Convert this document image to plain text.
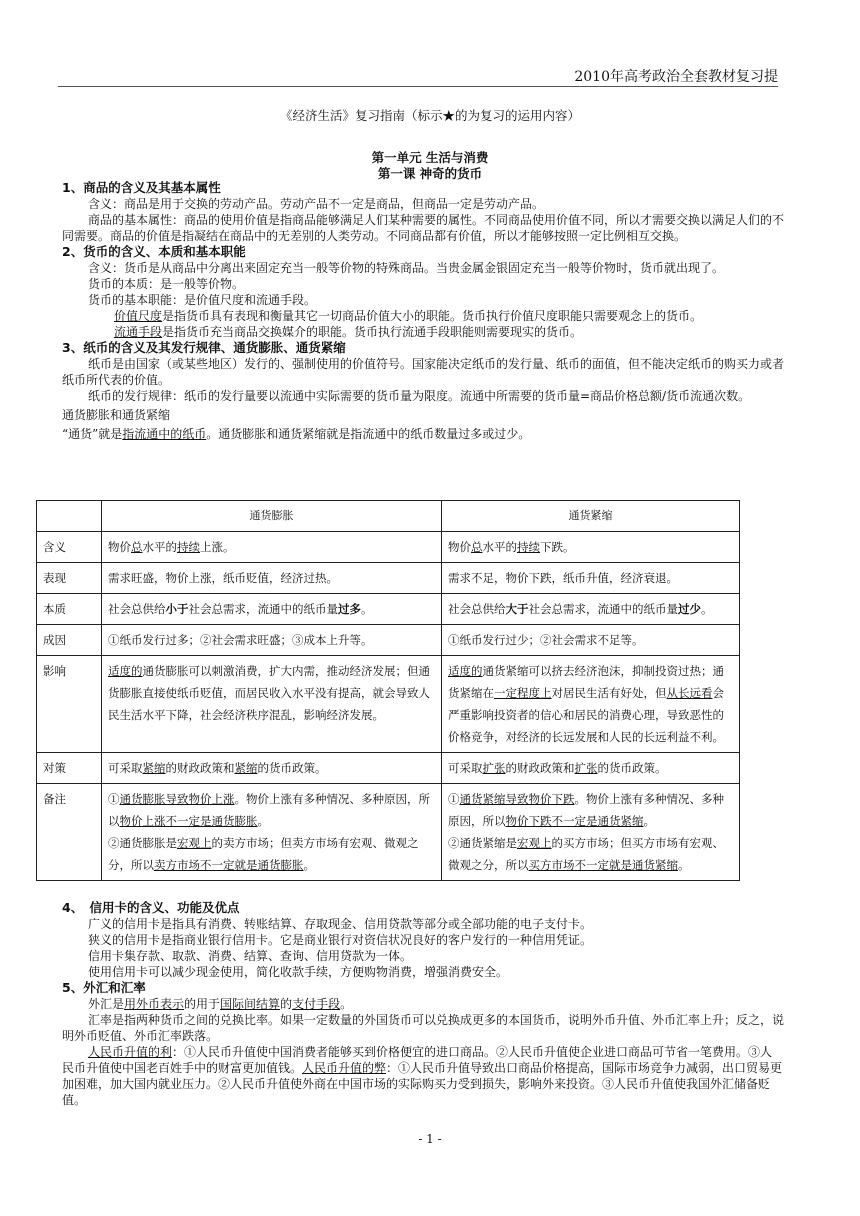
2010年高考政治全套教材复习提
《经济生活》复习指南（标示★的为复习的运用内容）
第一单元 生活与消费
第一课 神奇的货币
1、商品的含义及其基本属性

含义：商品是用于交换的劳动产品。劳动产品不一定是商品，但商品一定是劳动产品。

商品的基本属性：商品的使用价值是指商品能够满足人们某种需要的属性。不同商品使用价值不同，所以才需要交换以满足人们的不同需要。商品的价值是指凝结在商品中的无差别的人类劳动。不同商品都有价值，所以才能够按照一定比例相互交换。

2、货币的含义、本质和基本职能

含义：货币是从商品中分离出来固定充当一般等价物的特殊商品。当贵金属金银固定充当一般等价物时，货币就出现了。

货币的本质：是一般等价物。

货币的基本职能：是价值尺度和流通手段。

价值尺度是指货币具有表现和衡量其它一切商品价值大小的职能。货币执行价值尺度职能只需要观念上的货币。

流通手段是指货币充当商品交换媒介的职能。货币执行流通手段职能则需要现实的货币。

3、纸币的含义及其发行规律、通货膨胀、通货紧缩

纸币是由国家（或某些地区）发行的、强制使用的价值符号。国家能决定纸币的发行量、纸币的面值，但不能决定纸币的购买力或者纸币所代表的价值。

纸币的发行规律：纸币的发行量要以流通中实际需要的货币量为限度。流通中所需要的货币量=商品价格总额/货币流通次数。

通货膨胀和通货紧缩

“通货”就是指流通中的纸币。通货膨胀和通货紧缩就是指流通中的纸币数量过多或过少。

	通货膨胀	通货紧缩
含义	物价总水平的持续上涨。	物价总水平的持续下跌。
表现	需求旺盛，物价上涨，纸币贬值，经济过热。	需求不足，物价下跌，纸币升值，经济衰退。
本质	社会总供给小于社会总需求，流通中的纸币量过多。	社会总供给大于社会总需求，流通中的纸币量过少。
成因	①纸币发行过多；②社会需求旺盛；③成本上升等。	①纸币发行过少；②社会需求不足等。
影响	适度的通货膨胀可以刺激消费，扩大内需，推动经济发展；但通货膨胀直接使纸币贬值，而居民收入水平没有提高，就会导致人民生活水平下降，社会经济秩序混乱，影响经济发展。	适度的通货紧缩可以挤去经济泡沫，抑制投资过热；通货紧缩在一定程度上对居民生活有好处，但从长远看会严重影响投资者的信心和居民的消费心理，导致恶性的价格竞争，对经济的长远发展和人民的长远利益不利。
对策	可采取紧缩的财政政策和紧缩的货币政策。	可采取扩张的财政政策和扩张的货币政策。
备注	①通货膨胀导致物价上涨。物价上涨有多种情况、多种原因，所以物价上涨不一定是通货膨胀。
②通货膨胀是宏观上的卖方市场；但卖方市场有宏观、微观之分，所以卖方市场不一定就是通货膨胀。	①通货紧缩导致物价下跌。物价上涨有多种情况、多种原因，所以物价下跌不一定是通货紧缩。
②通货紧缩是宏观上的买方市场；但买方市场有宏观、微观之分，所以买方市场不一定就是通货紧缩。
4、　信用卡的含义、功能及优点

广义的信用卡是指具有消费、转账结算、存取现金、信用贷款等部分或全部功能的电子支付卡。

狭义的信用卡是指商业银行信用卡。它是商业银行对资信状况良好的客户发行的一种信用凭证。

信用卡集存款、取款、消费、结算、查询、信用贷款为一体。

使用信用卡可以减少现金使用，简化收款手续，方便购物消费，增强消费安全。

5、外汇和汇率

外汇是用外币表示的用于国际间结算的支付手段。

汇率是指两种货币之间的兑换比率。如果一定数量的外国货币可以兑换成更多的本国货币，说明外币升值、外币汇率上升；反之，说明外币贬值、外币汇率跌落。

人民币升值的利：①人民币升值使中国消费者能够买到价格便宜的进口商品。②人民币升值使企业进口商品可节省一笔费用。③人民币升值使中国老百姓手中的财富更加值钱。人民币升值的弊：①人民币升值导致出口商品价格提高，国际市场竞争力减弱，出口贸易更加困难，加大国内就业压力。②人民币升值使外商在中国市场的实际购买力受到损失，影响外来投资。③人民币升值使我国外汇储备贬值。

- 1 -
